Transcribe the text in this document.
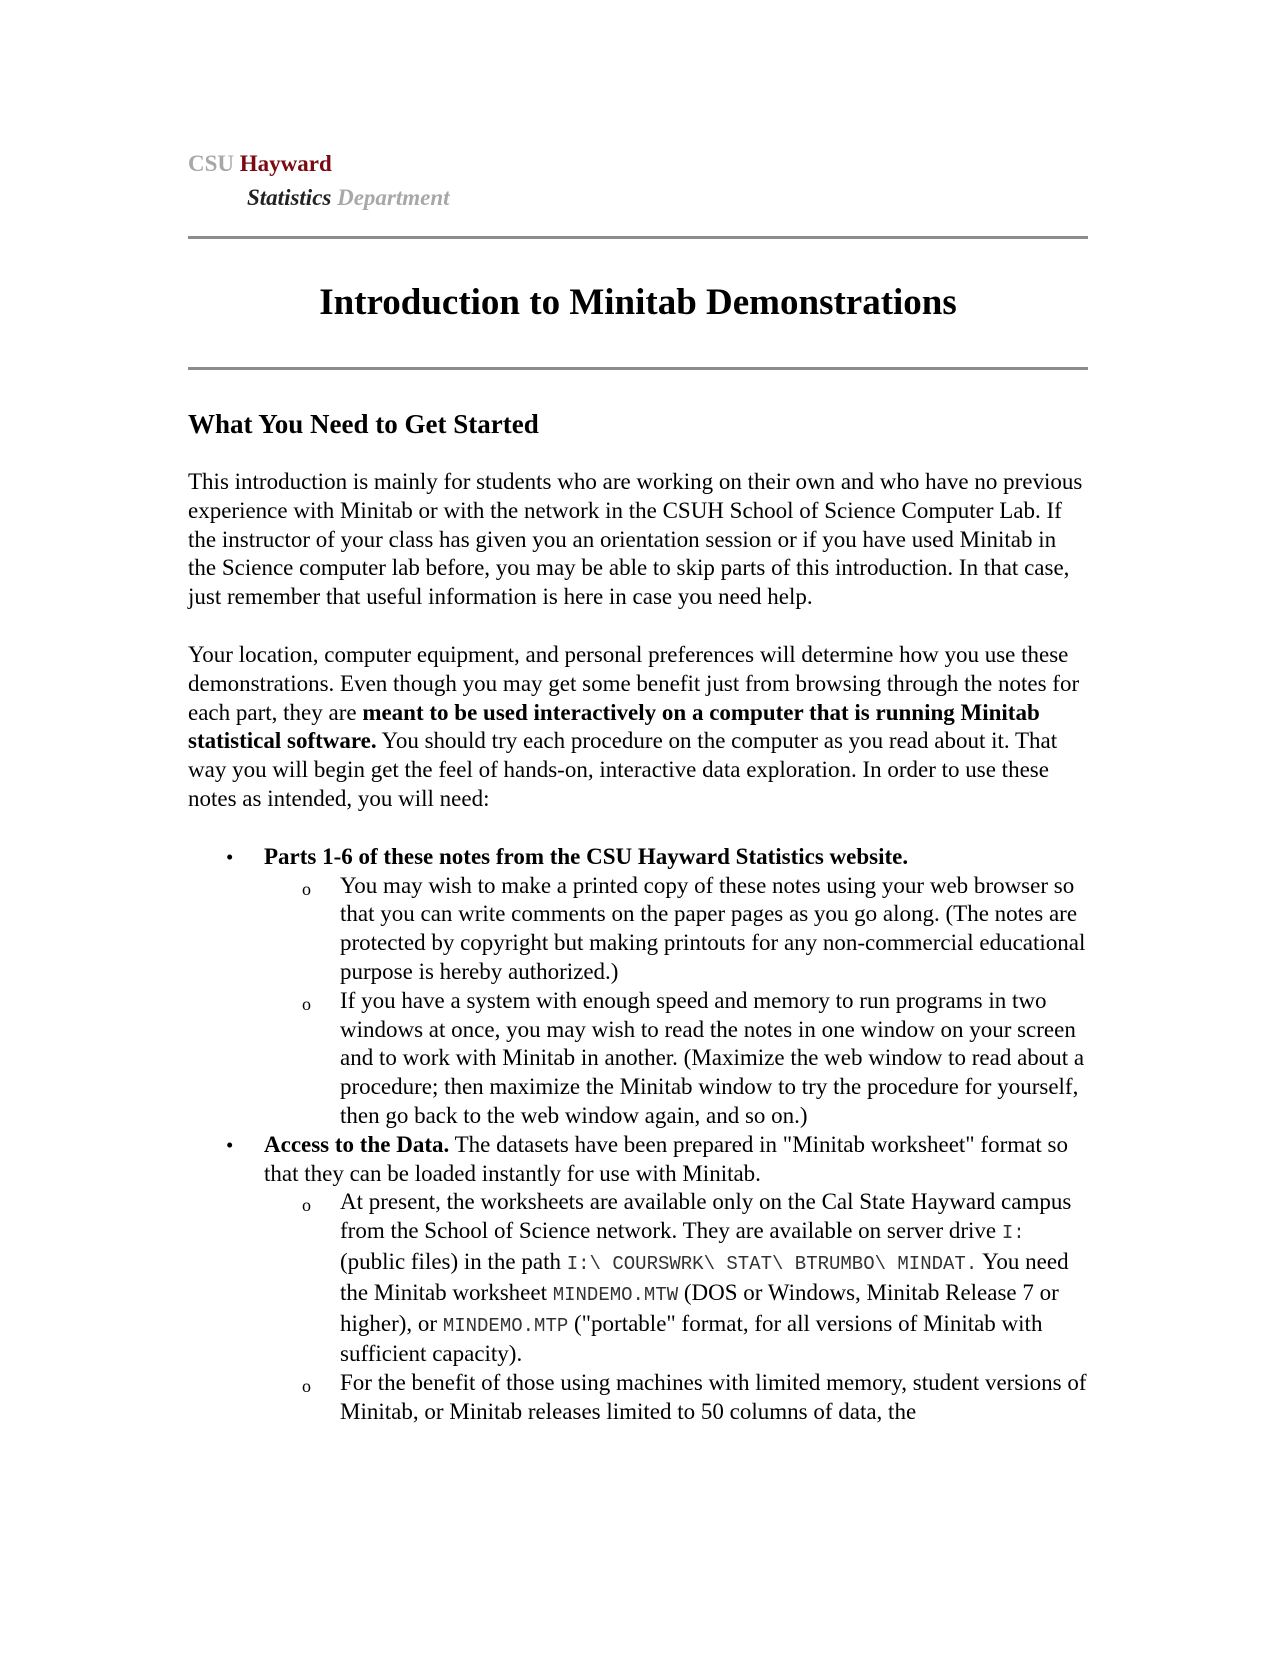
CSU Hayward
Statistics Department
Introduction to Minitab Demonstrations
What You Need to Get Started

This introduction is mainly for students who are working on their own and who have no previous experience with Minitab or with the network in the CSUH School of Science Computer Lab. If the instructor of your class has given you an orientation session or if you have used Minitab in the Science computer lab before, you may be able to skip parts of this introduction. In that case, just remember that useful information is here in case you need help.

Your location, computer equipment, and personal preferences will determine how you use these demonstrations. Even though you may get some benefit just from browsing through the notes for each part, they are meant to be used interactively on a computer that is running Minitab statistical software. You should try each procedure on the computer as you read about it. That way you will begin get the feel of hands-on, interactive data exploration. In order to use these notes as intended, you will need:

• Parts 1-6 of these notes from the CSU Hayward Statistics website.
o You may wish to make a printed copy of these notes using your web browser so that you can write comments on the paper pages as you go along. (The notes are protected by copyright but making printouts for any non-commercial educational purpose is hereby authorized.)
o If you have a system with enough speed and memory to run programs in two windows at once, you may wish to read the notes in one window on your screen and to work with Minitab in another. (Maximize the web window to read about a procedure; then maximize the Minitab window to try the procedure for yourself, then go back to the web window again, and so on.)
• Access to the Data. The datasets have been prepared in "Minitab worksheet" format so that they can be loaded instantly for use with Minitab.
o At present, the worksheets are available only on the Cal State Hayward campus from the School of Science network. They are available on server drive I: (public files) in the path I:\ COURSWRK\ STAT\ BTRUMBO\ MINDAT. You need the Minitab worksheet MINDEMO.MTW (DOS or Windows, Minitab Release 7 or higher), or MINDEMO.MTP ("portable" format, for all versions of Minitab with sufficient capacity).
o For the benefit of those using machines with limited memory, student versions of Minitab, or Minitab releases limited to 50 columns of data, the
